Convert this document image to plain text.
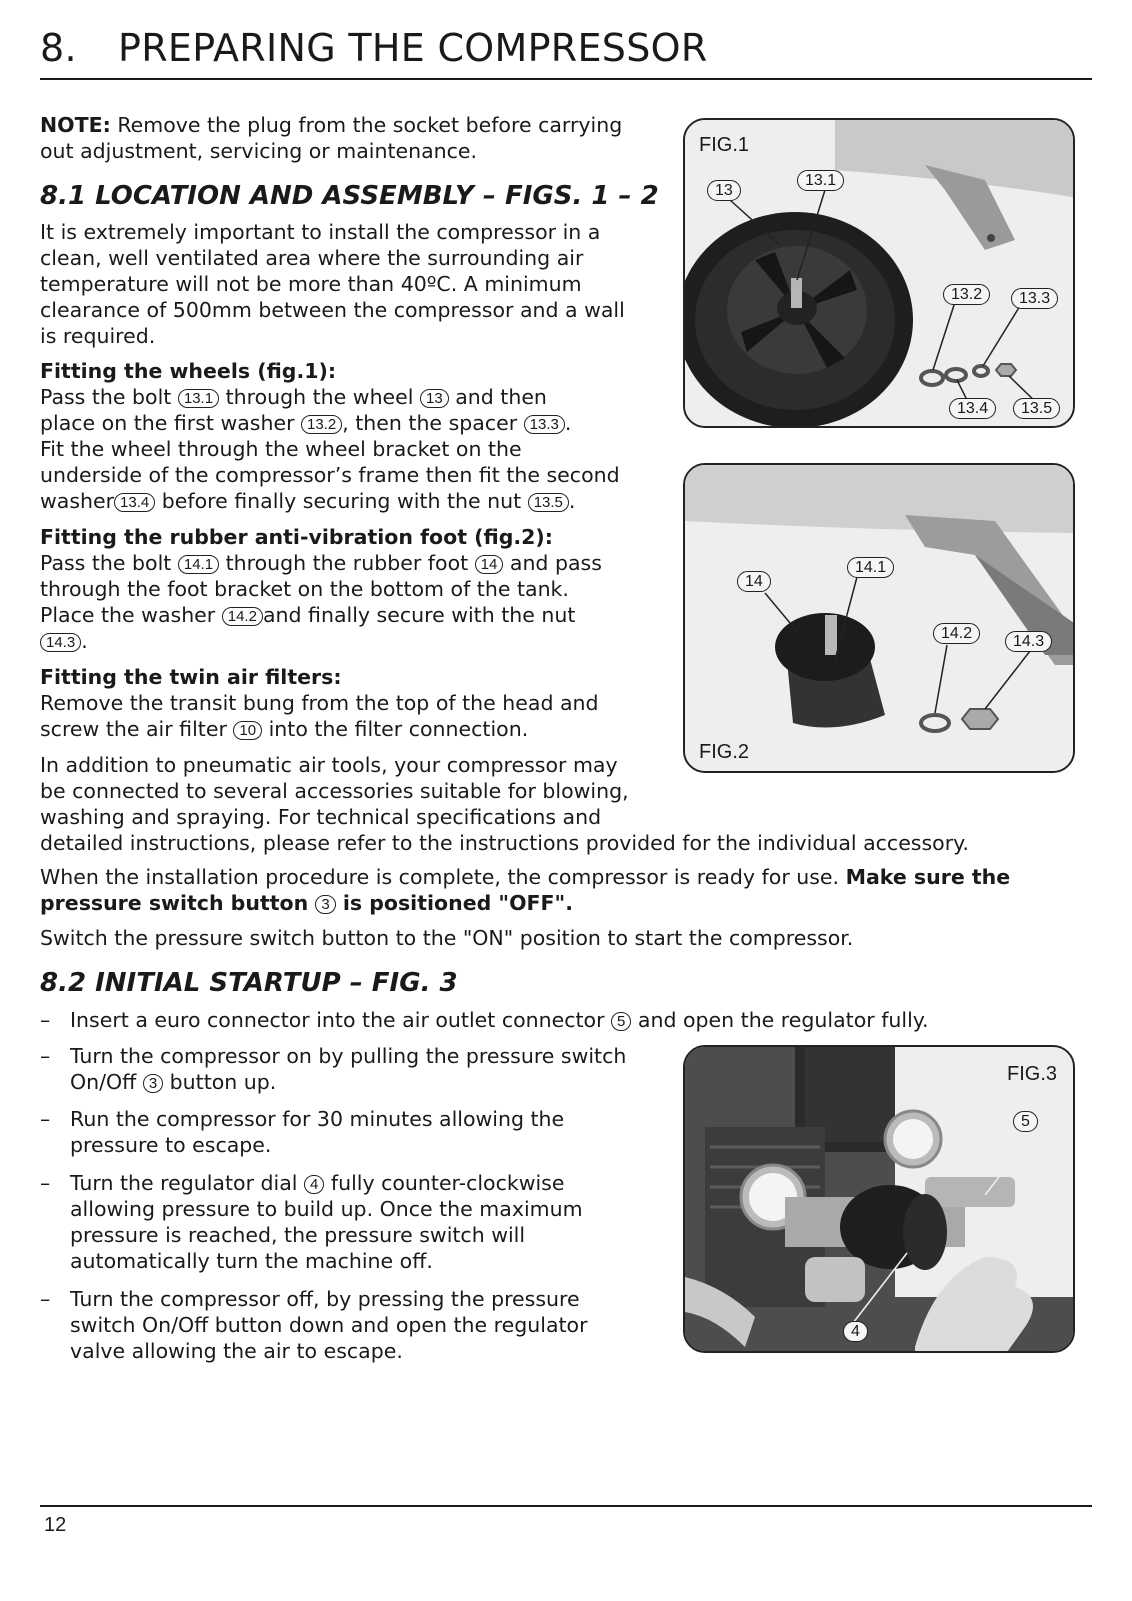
8. PREPARING THE COMPRESSOR
NOTE: Remove the plug from the socket before carrying
out adjustment, servicing or maintenance.
8.1 LOCATION AND ASSEMBLY – FIGS. 1 – 2
It is extremely important to install the compressor in a
clean, well ventilated area where the surrounding air
temperature will not be more than 40ºC. A minimum
clearance of 500mm between the compressor and a wall
is required.
Fitting the wheels (fig.1):
Pass the bolt 13.1 through the wheel 13 and then
place on the first washer 13.2 , then the spacer 13.3 .
Fit the wheel through the wheel bracket on the
underside of the compressor’s frame then fit the second
washer 13.4 before finally securing with the nut 13.5 .
Fitting the rubber anti-vibration foot (fig.2):
Pass the bolt 14.1 through the rubber foot 14 and pass
through the foot bracket on the bottom of the tank.
Place the washer 14.2 and finally secure with the nut
14.3 .
Fitting the twin air filters:
Remove the transit bung from the top of the head and
screw the air filter 10 into the filter connection.
In addition to pneumatic air tools, your compressor may
be connected to several accessories suitable for blowing,
washing and spraying. For technical specifications and
detailed instructions, please refer to the instructions provided for the individual accessory.
When the installation procedure is complete, the compressor is ready for use. Make sure the
pressure switch button 3 is positioned "OFF".
Switch the pressure switch button to the "ON" position to start the compressor.
8.2 INITIAL STARTUP – FIG. 3
– Insert a euro connector into the air outlet connector 5 and open the regulator fully.
– Turn the compressor on by pulling the pressure switch
On/Off 3 button up.
– Run the compressor for 30 minutes allowing the
pressure to escape.
– Turn the regulator dial 4 fully counter-clockwise
allowing pressure to build up. Once the maximum
pressure is reached, the pressure switch will
automatically turn the machine off.
– Turn the compressor off, by pressing the pressure
switch On/Off button down and open the regulator
valve allowing the air to escape.
FIG.1
13
13.1
13.2	13.3
13.4	13.5
14
14.1
14.2	14.3
FIG.2
FIG.3
5
4
12
